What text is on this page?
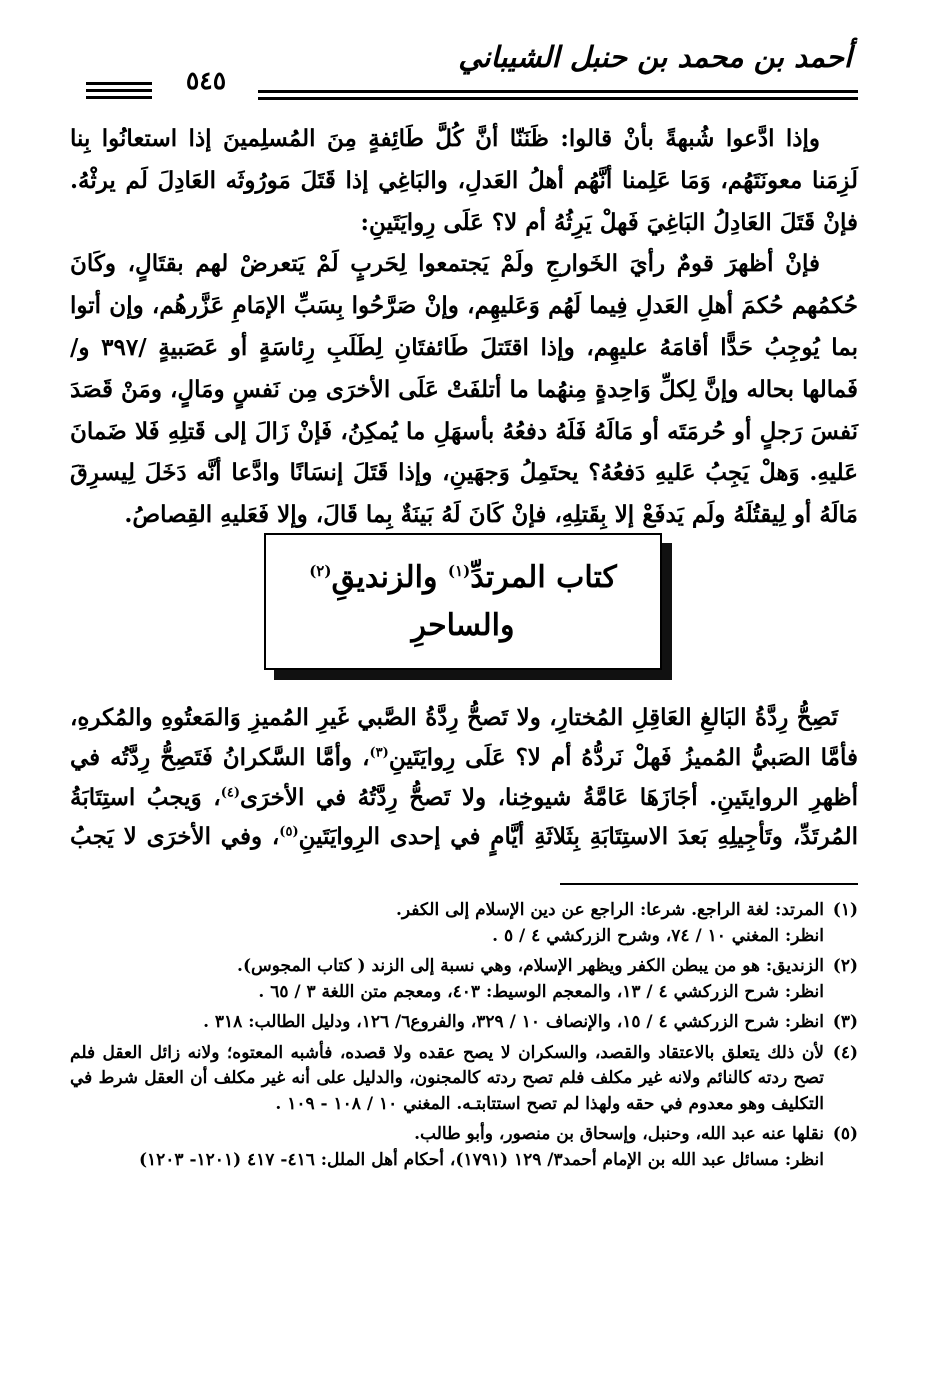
أحمد بن محمد بن حنبل الشيباني
٥٤٥

وإذا ادَّعوا شُبهةً بأنْ قالوا: ظَنَنّا أنَّ كُلَّ طَائِفةٍ مِنَ المُسلِمينَ إذا استعانُوا بِنا لَزِمَنا معونَتَهُم، وَمَا عَلِمنا أنَّهُم أهلُ العَدلِ، والبَاغِي إذا قَتَلَ مَورُوثَه العَادِلَ لَم يرثْهُ. فإنْ قَتَلَ العَادِلُ البَاغِيَ فَهلْ يَرِثُهُ أم لا؟ عَلَى رِوايَتَينِ:

فإنْ أظهرَ قومٌ رأيَ الخَوارجِ ولَمْ يَجتمعوا لِحَربٍ لَمْ يَتعرضْ لهم بقتَالٍ، وكَانَ حُكمُهم حُكمَ أهلِ العَدلِ فِيما لَهُم وَعَليهِم، وإنْ صَرَّحُوا بِسَبِّ الإمَامِ عَزَّرهُم، وإن أتوا بما يُوجِبُ حَدًّا أقامَهُ عليهِم، وإذا اقتَتلَ طَائفتَانِ لِطَلَبِ رِئاسَةٍ أو عَصَبيةٍ /٣٩٧ و/ فَمالها بحاله وإنَّ لِكلِّ وَاحِدةٍ مِنهُما ما أتلفَتْ عَلَى الأخرَى مِن نَفسٍ ومَالٍ، ومَنْ قَصَدَ نَفسَ رَجلٍ أو حُرمَتَه أو مَالَهُ فَلَهُ دفعُهُ بأسهَلِ ما يُمكِنُ، فَإنْ زَالَ إلى قَتلِهِ فَلا ضَمانَ عَليهِ. وَهلْ يَجِبُ عَليهِ دَفعُهُ؟ يحتَمِلُ وَجهَينِ، وإذا قَتَلَ إنسَانًا وادَّعا أنَّه دَخَلَ لِيسرِقَ مَالَهُ أو لِيقتُلَهُ ولَم يَدفَعْ إلا بِقَتلِهِ، فإنْ كَانَ لَهُ بَينَةٌ بِما قَالَ، وإلا فَعَليهِ القِصاصُ.

كتاب المرتدِّ$^{(١)}$ والزنديقِ$^{(٢)}$
والساحرِ

تَصِحُّ رِدَّةُ البَالغِ العَاقِلِ المُختارِ، ولا تَصحُّ رِدَّةُ الصَّبي غَيرِ المُميزِ وَالمَعتُوهِ والمُكرهِ، فأمَّا الصَبيُّ المُميزُ فَهلْ نَردُّهُ أم لا؟ عَلَى رِوايَتَينِ$^{(٣)}$، وأمَّا السَّكرانُ فَتَصِحُّ رِدَّتُه في أظهرِ الروايتَينِ. أجَازَهَا عَامَّةُ شيوخِنا، ولا تَصحُّ رِدَّتُهُ في الأخرَى$^{(٤)}$، وَيجبُ استِتَابَةُ المُرتَدِّ، وتَأجِيلِهِ بَعدَ الاستِتَابَةِ بِثَلاثَةِ أيَّامٍ في إحدى الرِوايَتَينِ$^{(٥)}$، وفي الأخرَى لا يَجبُ

(١)
المرتد: لغة الراجع. شرعا: الراجع عن دين الإسلام إلى الكفر.
انظر: المغني ١٠ / ٧٤، وشرح الزركشي ٤ / ٥ .
(٢)
الزنديق: هو من يبطن الكفر ويظهر الإسلام، وهي نسبة إلى الزند ( كتاب المجوس).
انظر: شرح الزركشي ٤ / ١٣، والمعجم الوسيط: ٤٠٣، ومعجم متن اللغة ٣ / ٦٥ .
(٣)
انظر: شرح الزركشي ٤ / ١٥، والإنصاف ١٠ / ٣٢٩، والفروع٦/ ١٢٦، ودليل الطالب: ٣١٨ .
(٤)
لأن ذلك يتعلق بالاعتقاد والقصد، والسكران لا يصح عقده ولا قصده، فأشبه المعتوه؛ ولانه زائل العقل فلم تصح ردته كالنائم ولانه غير مكلف فلم تصح ردته كالمجنون، والدليل على أنه غير مكلف أن العقل شرط في التكليف وهو معدوم في حقه ولهذا لم تصح استتابتـه. المغني ١٠ / ١٠٨ - ١٠٩ .
(٥)
نقلها عنه عبد الله، وحنبل، وإسحاق بن منصور، وأبو طالب.
انظر: مسائل عبد الله بن الإمام أحمد٣/ ١٢٩ (١٧٩١)، أحكام أهل الملل: ٤١٦- ٤١٧ (١٢٠١- ١٢٠٣)
